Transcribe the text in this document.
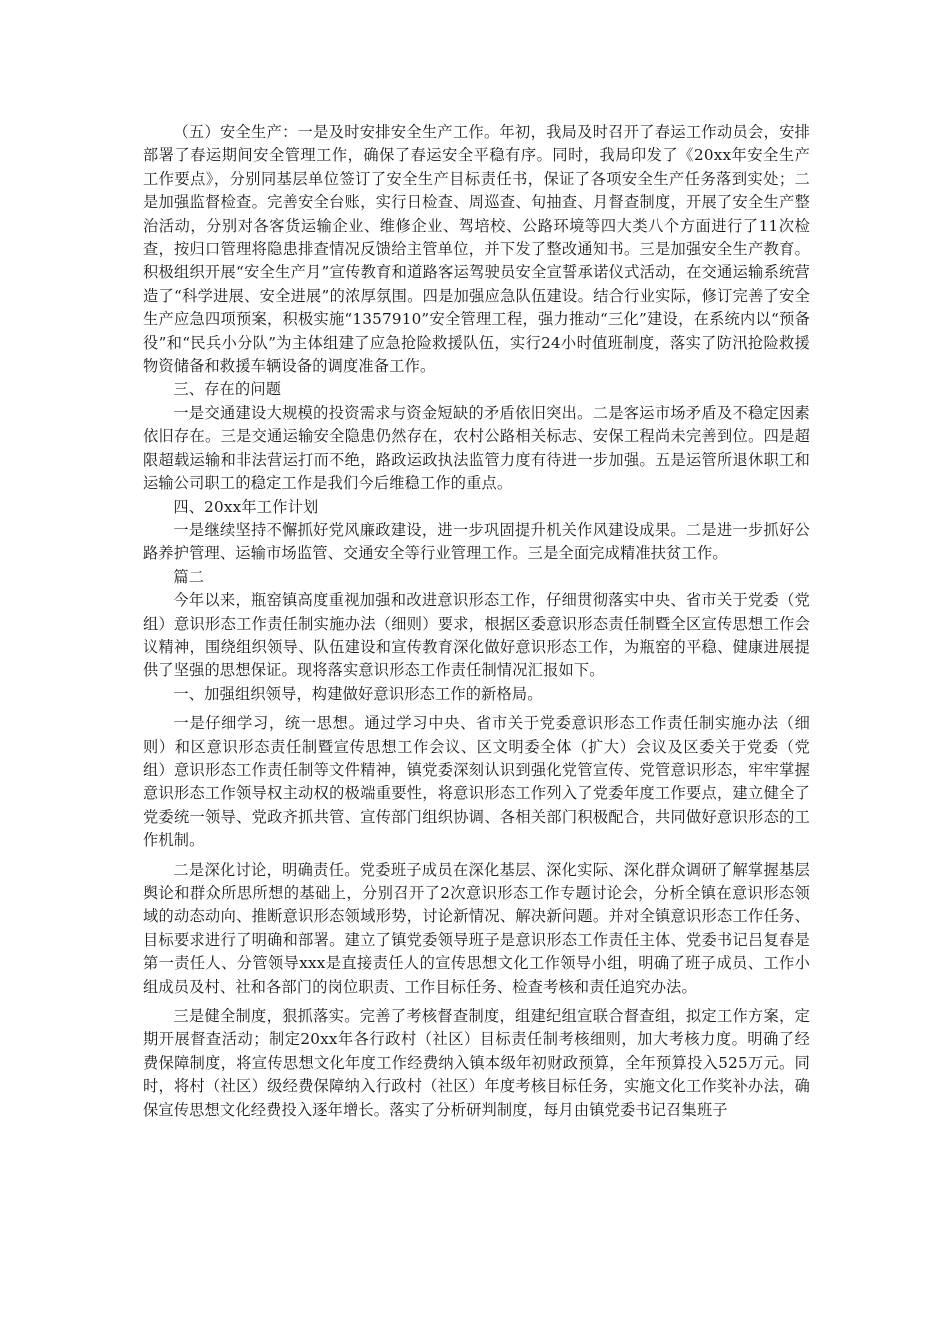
（五）安全生产：一是及时安排安全生产工作。年初，我局及时召开了春运工作动员会，安排部署了春运期间安全管理工作，确保了春运安全平稳有序。同时，我局印发了《20xx年安全生产工作要点》，分别同基层单位签订了安全生产目标责任书，保证了各项安全生产任务落到实处；二是加强监督检查。完善安全台账，实行日检查、周巡查、旬抽查、月督查制度，开展了安全生产整治活动，分别对各客货运输企业、维修企业、驾培校、公路环境等四大类八个方面进行了11次检查，按归口管理将隐患排查情况反馈给主管单位，并下发了整改通知书。三是加强安全生产教育。积极组织开展“安全生产月”宣传教育和道路客运驾驶员安全宣誓承诺仪式活动，在交通运输系统营造了“科学进展、安全进展”的浓厚氛围。四是加强应急队伍建设。结合行业实际，修订完善了安全生产应急四项预案，积极实施“1357910”安全管理工程，强力推动“三化”建设，在系统内以“预备役”和“民兵小分队”为主体组建了应急抢险救援队伍，实行24小时值班制度，落实了防汛抢险救援物资储备和救援车辆设备的调度准备工作。

三、存在的问题

一是交通建设大规模的投资需求与资金短缺的矛盾依旧突出。二是客运市场矛盾及不稳定因素依旧存在。三是交通运输安全隐患仍然存在，农村公路相关标志、安保工程尚未完善到位。四是超限超载运输和非法营运打而不绝，路政运政执法监管力度有待进一步加强。五是运管所退休职工和运输公司职工的稳定工作是我们今后维稳工作的重点。

四、20xx年工作计划

一是继续坚持不懈抓好党风廉政建设，进一步巩固提升机关作风建设成果。二是进一步抓好公路养护管理、运输市场监管、交通安全等行业管理工作。三是全面完成精准扶贫工作。

篇二

今年以来，瓶窑镇高度重视加强和改进意识形态工作，仔细贯彻落实中央、省市关于党委（党组）意识形态工作责任制实施办法（细则）要求，根据区委意识形态责任制暨全区宣传思想工作会议精神，围绕组织领导、队伍建设和宣传教育深化做好意识形态工作，为瓶窑的平稳、健康进展提供了坚强的思想保证。现将落实意识形态工作责任制情况汇报如下。

一、加强组织领导，构建做好意识形态工作的新格局。

一是仔细学习，统一思想。通过学习中央、省市关于党委意识形态工作责任制实施办法（细则）和区意识形态责任制暨宣传思想工作会议、区文明委全体（扩大）会议及区委关于党委（党组）意识形态工作责任制等文件精神，镇党委深刻认识到强化党管宣传、党管意识形态，牢牢掌握意识形态工作领导权主动权的极端重要性，将意识形态工作列入了党委年度工作要点，建立健全了党委统一领导、党政齐抓共管、宣传部门组织协调、各相关部门积极配合，共同做好意识形态的工作机制。

二是深化讨论，明确责任。党委班子成员在深化基层、深化实际、深化群众调研了解掌握基层舆论和群众所思所想的基础上，分别召开了2次意识形态工作专题讨论会，分析全镇在意识形态领域的动态动向、推断意识形态领域形势，讨论新情况、解决新问题。并对全镇意识形态工作任务、目标要求进行了明确和部署。建立了镇党委领导班子是意识形态工作责任主体、党委书记吕复春是第一责任人、分管领导xxx是直接责任人的宣传思想文化工作领导小组，明确了班子成员、工作小组成员及村、社和各部门的岗位职责、工作目标任务、检查考核和责任追究办法。

三是健全制度，狠抓落实。完善了考核督查制度，组建纪组宣联合督查组，拟定工作方案，定期开展督查活动；制定20xx年各行政村（社区）目标责任制考核细则，加大考核力度。明确了经费保障制度，将宣传思想文化年度工作经费纳入镇本级年初财政预算，全年预算投入525万元。同时，将村（社区）级经费保障纳入行政村（社区）年度考核目标任务，实施文化工作奖补办法，确保宣传思想文化经费投入逐年增长。落实了分析研判制度，每月由镇党委书记召集班子
